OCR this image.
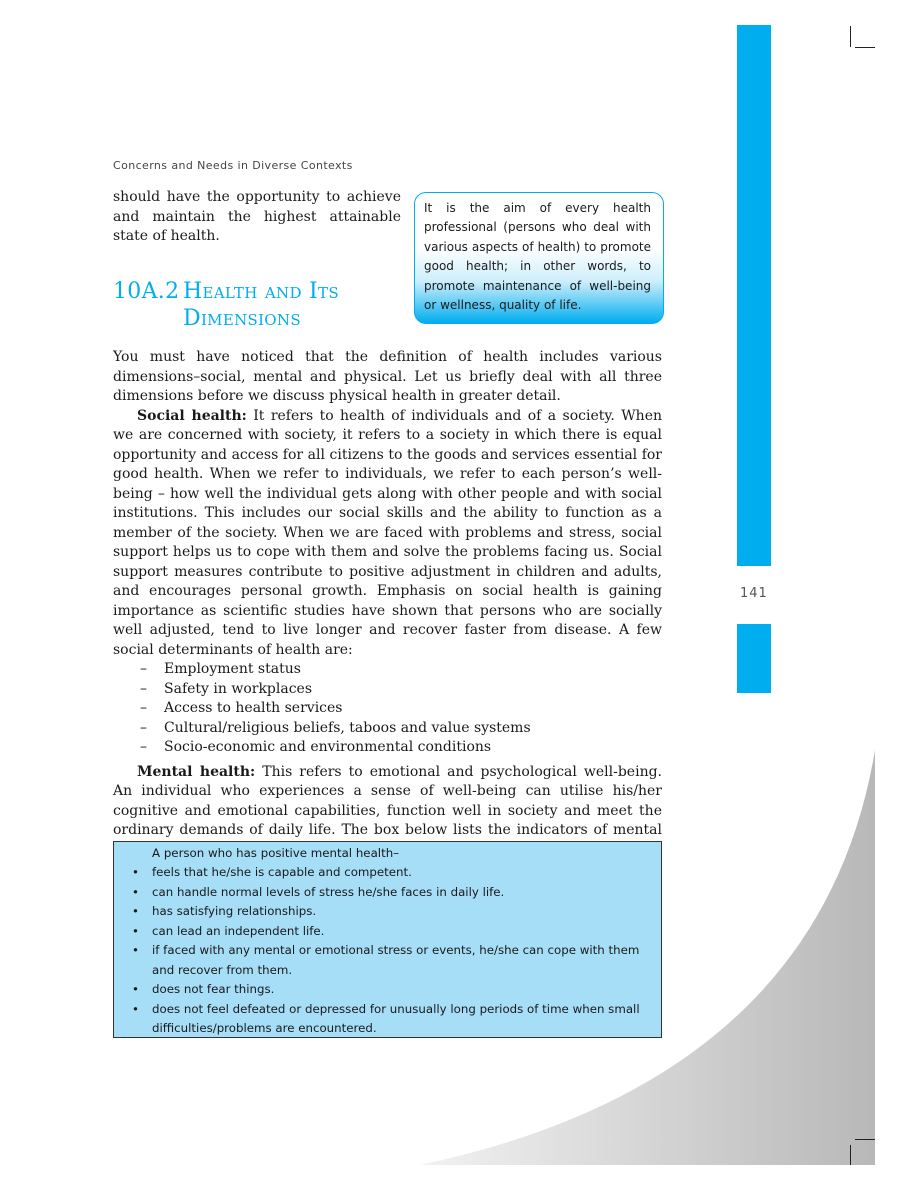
141
Concerns and Needs in Diverse Contexts
should have the opportunity to achieve and maintain the highest attainable state of health.
It is the aim of every health professional (persons who deal with various aspects of health) to promote good health; in other words, to promote maintenance of well-being or wellness, quality of life.
10A.2 Health and Its
Dimensions

You must have noticed that the definition of health includes various dimensions–social, mental and physical. Let us briefly deal with all three dimensions before we discuss physical health in greater detail.

Social health: It refers to health of individuals and of a society. When we are concerned with society, it refers to a society in which there is equal opportunity and access for all citizens to the goods and services essential for good health. When we refer to individuals, we refer to each person’s well-being – how well the individual gets along with other people and with social institutions. This includes our social skills and the ability to function as a member of the society. When we are faced with problems and stress, social support helps us to cope with them and solve the problems facing us. Social support measures contribute to positive adjustment in children and adults, and encourages personal growth. Emphasis on social health is gaining importance as scientific studies have shown that persons who are socially well adjusted, tend to live longer and recover faster from disease. A few social determinants of health are:

– Employment status
– Safety in workplaces
– Access to health services
– Cultural/religious beliefs, taboos and value systems
– Socio-economic and environmental conditions

Mental health: This refers to emotional and psychological well-being. An individual who experiences a sense of well-being can utilise his/her cognitive and emotional capabilities, function well in society and meet the ordinary demands of daily life. The box below lists the indicators of mental

A person who has positive mental health–
• feels that he/she is capable and competent.
• can handle normal levels of stress he/she faces in daily life.
• has satisfying relationships.
• can lead an independent life.
• if faced with any mental or emotional stress or events, he/she can cope with them and recover from them.
• does not fear things.
• does not feel defeated or depressed for unusually long periods of time when small difficulties/problems are encountered.
